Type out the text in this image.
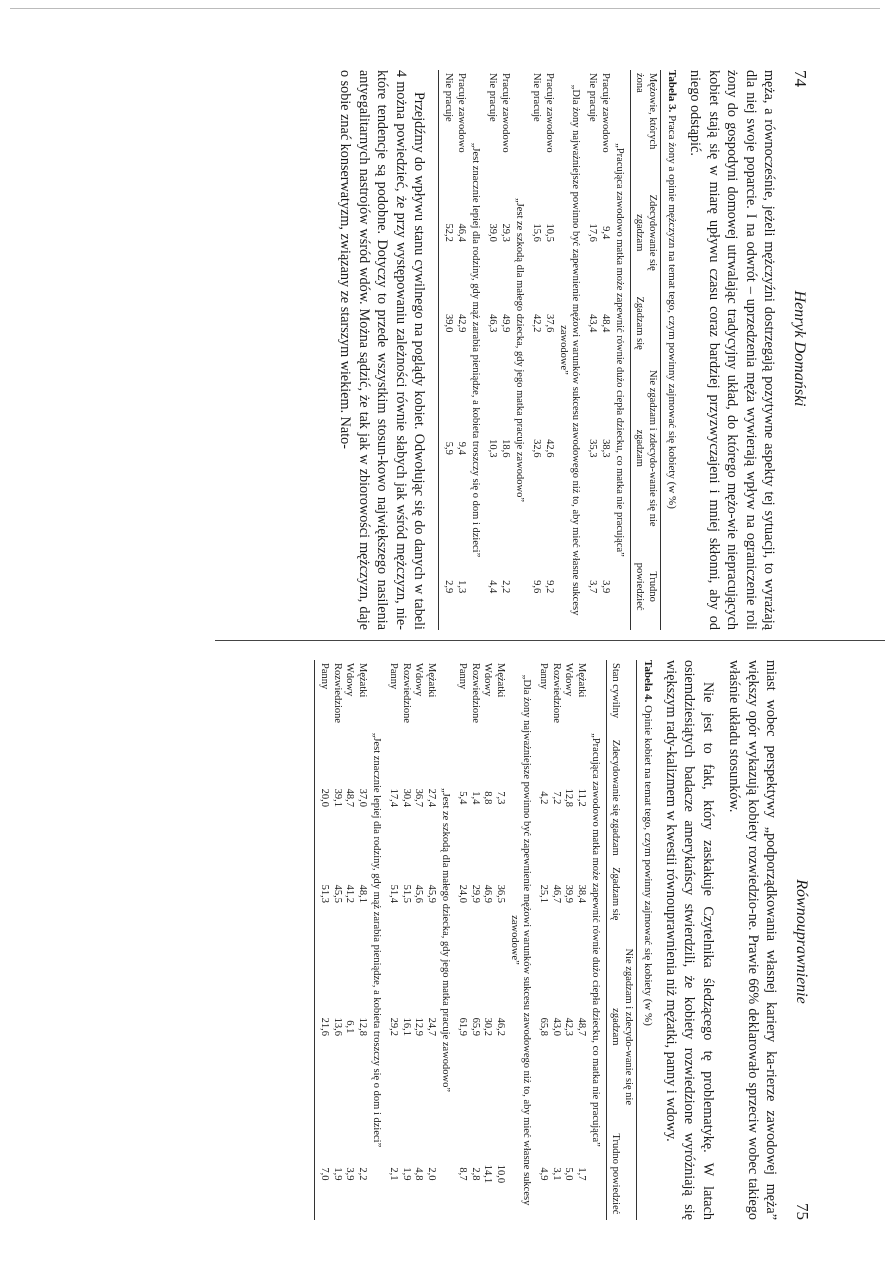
74
Henryk Domański

męża, a równocześnie, jeżeli mężczyźni dostrzegają pozytywne aspekty tej sytuacji, to wyrażają dla niej swoje poparcie. I na odwrót – uprzedzenia męża wywierają wpływ na ograniczenie roli żony do gospodyni domowej utrwalając tradycyjny układ, do którego mężo-wie niepracujących kobiet stają się w miarę upływu czasu coraz bardziej przyzwyczajeni i mniej skłonni, aby od niego odstąpić.

Tabela 3. Praca żony a opinie mężczyzn na temat tego, czym powinny zajmować się kobiety (w %)
Mężowie, których żona	Zdecydowanie się zgadzam	Zgadzam się	Nie zgadzam i zdecydo-wanie się nie zgadzam	Trudno powiedzieć
„Pracująca zawodowo matka może zapewnić równie dużo ciepła dziecku, co matka nie pracująca”				
Pracuje zawodowo	9,4	48,4	38,3	3,9
Nie pracuje	17,6	43,4	35,3	3,7
„Dla żony najważniejsze powinno być zapewnienie mężowi warunków sukcesu zawodowego niż to, aby mieć własne sukcesy zawodowe”				
Pracuje zawodowo	10,5	37,6	42,6	9,2
Nie pracuje	15,6	42,2	32,6	9,6
„Jest ze szkodą dla małego dziecka, gdy jego matka pracuje zawodowo”				
Pracuje zawodowo	29,3	49,9	18,6	2,2
Nie pracuje	39,0	46,3	10,3	4,4
„Jest znacznie lepiej dla rodziny, gdy mąż zarabia pieniądze, a kobieta troszczy się o dom i dzieci”				
Pracuje zawodowo	46,4	42,9	9,4	1,3
Nie pracuje	52,2	39,0	5,9	2,9

Przejdźmy do wpływu stanu cywilnego na poglądy kobiet. Odwołując się do danych w tabeli 4 można powiedzieć, że przy występowaniu zależności równie słabych jak wśród mężczyzn, nie-które tendencje są podobne. Dotyczy to przede wszystkim stosun-kowo największego nasilenia antyegalitarnych nastrojów wśród wdów. Można sądzić, że tak jak w zbiorowości mężczyzn, daje o sobie znać konserwatyzm, związany ze starszym wiekiem. Nato-

Równouprawnienie
75

miast wobec perspektywy „podporządkowania własnej kariery ka-rierze zawodowej męża” większy opór wykazują kobiety rozwiedzio-ne. Prawie 66% deklarowało sprzeciw wobec takiego właśnie układu stosunków.

Nie jest to fakt, który zaskakuje Czytelnika śledzącego tę problematykę. W latach osiemdziesiątych badacze amerykańscy stwierdzili, że kobiety rozwiedzione wyróżniają się większym rady-kalizmem w kwestii równouprawnienia niż mężatki, panny i wdowy.

Tabela 4. Opinie kobiet na temat tego, czym powinny zajmować się kobiety (w %)
Stan cywilny	Zdecydowanie się zgadzam	Zgadzam się	Nie zgadzam i zdecydo-wanie się nie zgadzam	Trudno powiedzieć
„Pracująca zawodowo matka może zapewnić równie dużo ciepła dziecku, co matka nie pracująca”				
Mężatki	11,2	38,4	48,7	1,7
Wdowy	12,8	39,9	42,3	5,0
Rozwiedzione	7,2	46,7	43,0	3,1
Panny	4,2	25,1	65,8	4,9
„Dla żony najważniejsze powinno być zapewnienie mężowi warunków sukcesu zawodowego niż to, aby mieć własne sukcesy zawodowe”				
Mężatki	7,3	36,5	46,2	10,0
Wdowy	8,8	46,9	30,2	14,1
Rozwiedzione	1,4	29,9	65,9	2,8
Panny	5,4	24,0	61,9	8,7
„Jest ze szkodą dla małego dziecka, gdy jego matka pracuje zawodowo”				
Mężatki	27,4	45,9	24,7	2,0
Wdowy	36,7	45,6	12,9	4,8
Rozwiedzione	30,4	51,5	16,1	1,9
Panny	17,4	51,4	29,2	2,1
„Jest znacznie lepiej dla rodziny, gdy mąż zarabia pieniądze, a kobieta troszczy się o dom i dzieci”				
Mężatki	37,0	48,1	12,8	2,2
Wdowy	48,7	41,2	6,1	3,9
Rozwiedzione	39,1	45,5	13,6	1,9
Panny	20,0	51,3	21,6	7,0
